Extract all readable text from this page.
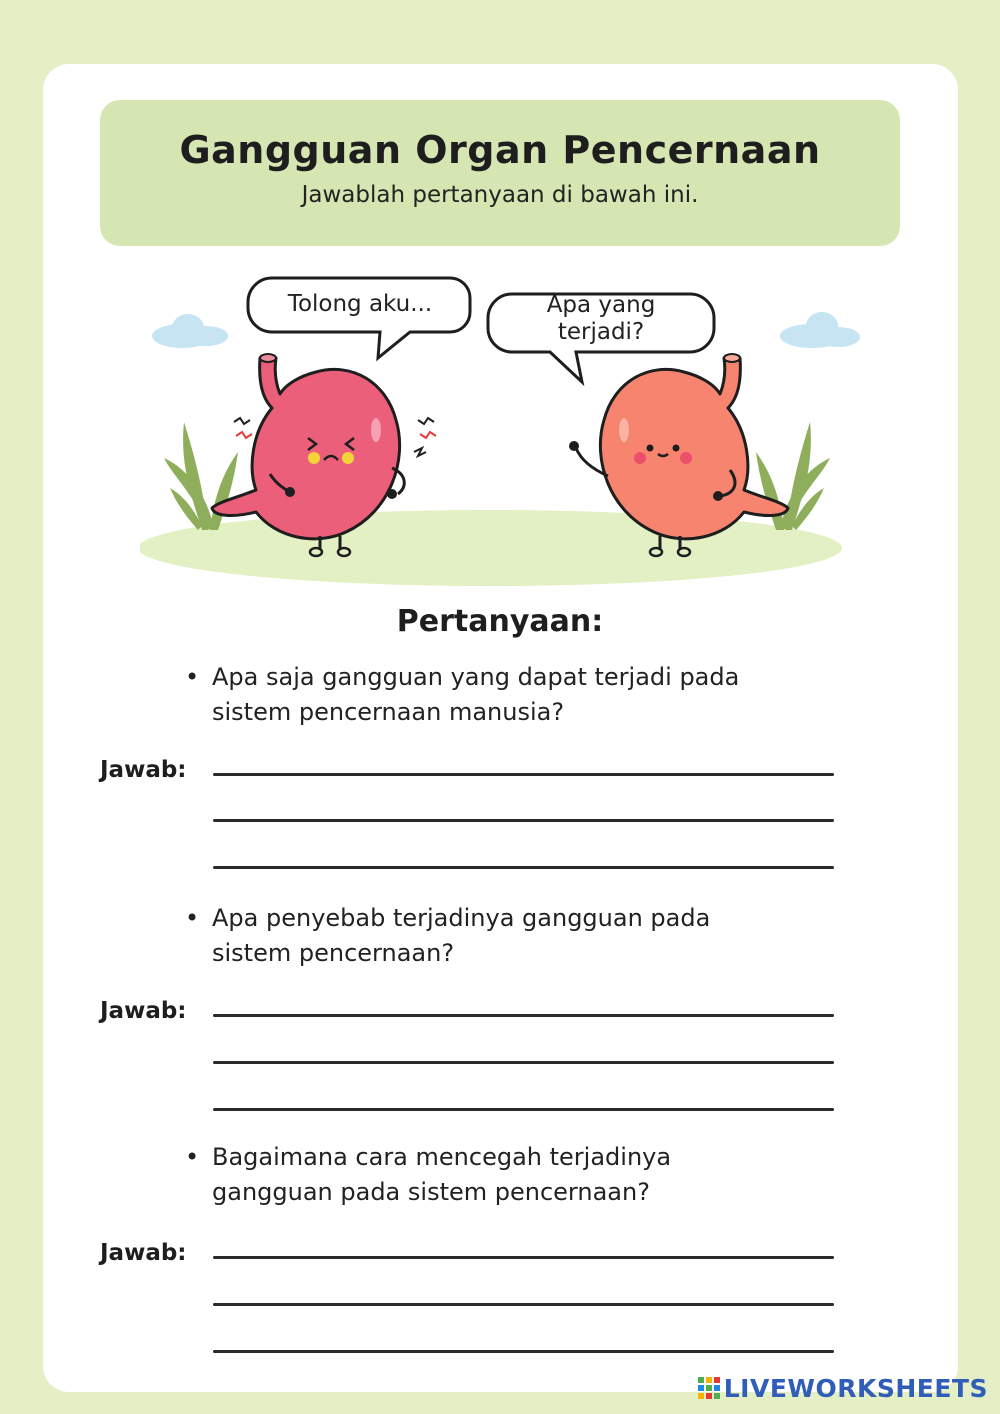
Gangguan Organ Pencernaan
Jawablah pertanyaan di bawah ini.
Tolong aku...	Apa yang
terjadi?
Pertanyaan:
• Apa saja gangguan yang dapat terjadi pada
sistem pencernaan manusia?
Jawab:
• Apa penyebab terjadinya gangguan pada
sistem pencernaan?
Jawab:
• Bagaimana cara mencegah terjadinya
gangguan pada sistem pencernaan?
Jawab:
LIVEWORKSHEETS
